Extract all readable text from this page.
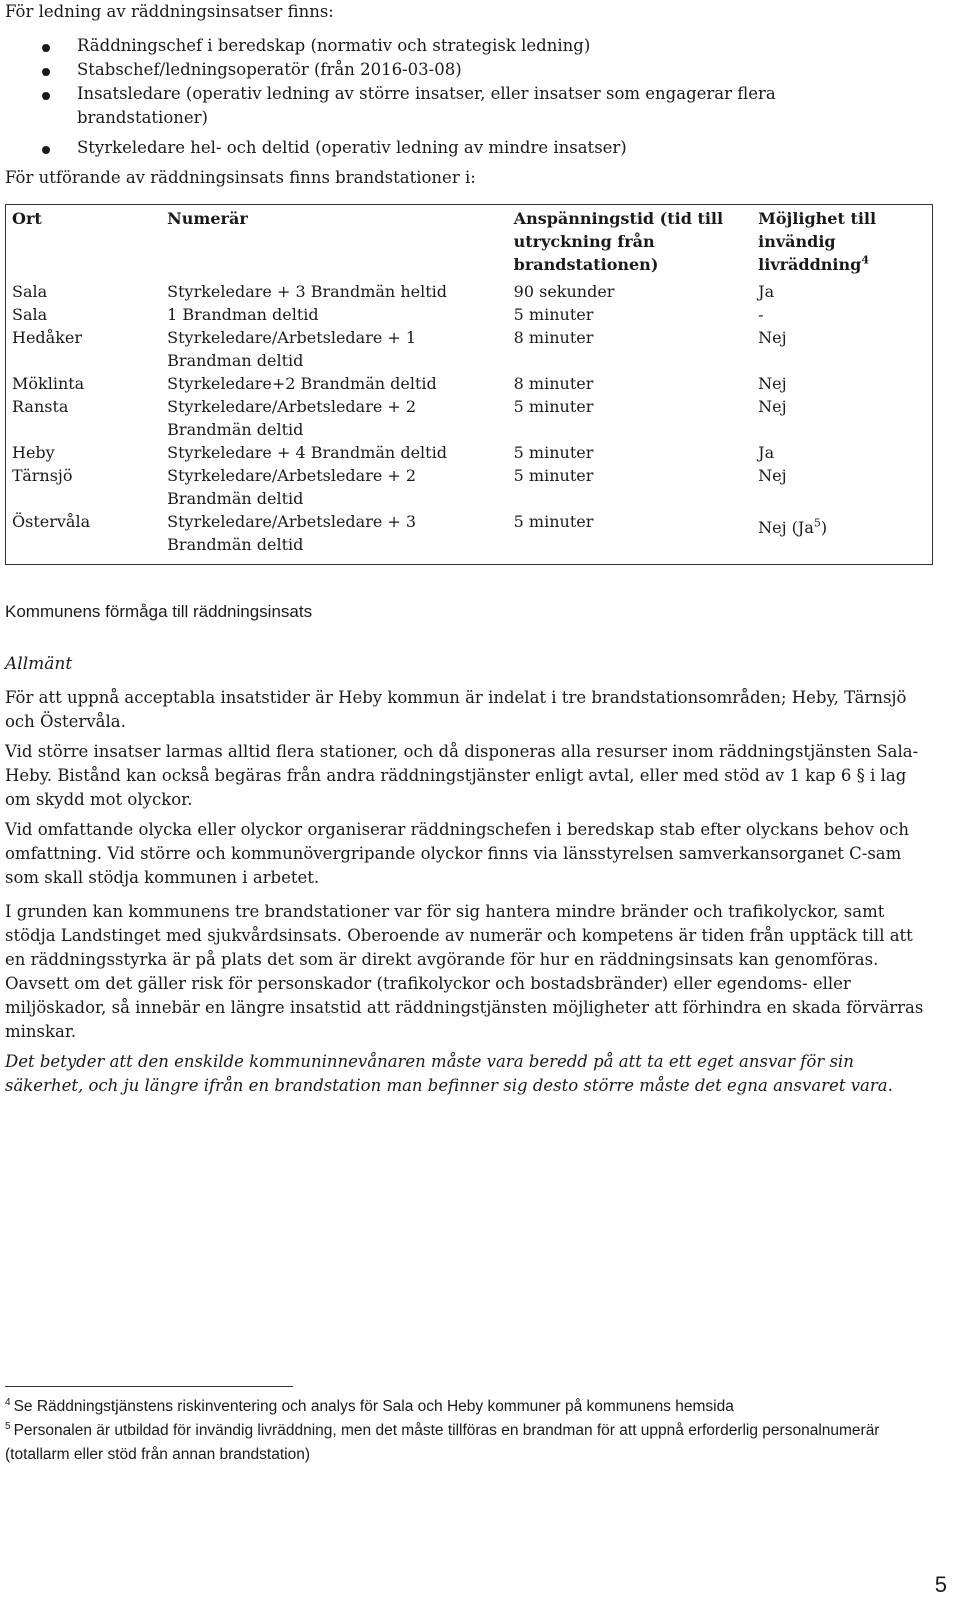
För ledning av räddningsinsatser finns:

Räddningschef i beredskap (normativ och strategisk ledning)
Stabschef/ledningsoperatör (från 2016-03-08)
Insatsledare (operativ ledning av större insatser, eller insatser som engagerar flera brandstationer)
Styrkeledare hel- och deltid (operativ ledning av mindre insatser)

För utförande av räddningsinsats finns brandstationer i:

Ort	Numerär	Anspänningstid (tid till utryckning från brandstationen)	Möjlighet till invändig livräddning$^4$
Sala	Styrkeledare + 3 Brandmän heltid	90 sekunder	Ja
Sala	1 Brandman deltid	5 minuter	-
Hedåker	Styrkeledare/Arbetsledare + 1 Brandman deltid	8 minuter	Nej
Möklinta	Styrkeledare+2 Brandmän deltid	8 minuter	Nej
Ransta	Styrkeledare/Arbetsledare + 2 Brandmän deltid	5 minuter	Nej
Heby	Styrkeledare + 4 Brandmän deltid	5 minuter	Ja
Tärnsjö	Styrkeledare/Arbetsledare + 2 Brandmän deltid	5 minuter	Nej
Östervåla	Styrkeledare/Arbetsledare + 3 Brandmän deltid	5 minuter	Nej (Ja$^5$)
Kommunens förmåga till räddningsinsats
Allmänt

För att uppnå acceptabla insatstider är Heby kommun är indelat i tre brandstationsområden; Heby, Tärnsjö och Östervåla.

Vid större insatser larmas alltid flera stationer, och då disponeras alla resurser inom räddningstjänsten Sala-Heby. Bistånd kan också begäras från andra räddningstjänster enligt avtal, eller med stöd av 1 kap 6 § i lag om skydd mot olyckor.

Vid omfattande olycka eller olyckor organiserar räddningschefen i beredskap stab efter olyckans behov och omfattning. Vid större och kommunövergripande olyckor finns via länsstyrelsen samverkansorganet C-sam som skall stödja kommunen i arbetet.

I grunden kan kommunens tre brandstationer var för sig hantera mindre bränder och trafikolyckor, samt stödja Landstinget med sjukvårdsinsats. Oberoende av numerär och kompetens är tiden från upptäck till att en räddningsstyrka är på plats det som är direkt avgörande för hur en räddningsinsats kan genomföras. Oavsett om det gäller risk för personskador (trafikolyckor och bostadsbränder) eller egendoms- eller miljöskador, så innebär en längre insatstid att räddningstjänsten möjligheter att förhindra en skada förvärras minskar.

Det betyder att den enskilde kommuninnevånaren måste vara beredd på att ta ett eget ansvar för sin säkerhet, och ju längre ifrån en brandstation man befinner sig desto större måste det egna ansvaret vara.

$^4$ Se Räddningstjänstens riskinventering och analys för Sala och Heby kommuner på kommunens hemsida
$^5$ Personalen är utbildad för invändig livräddning, men det måste tillföras en brandman för att uppnå erforderlig personalnumerär (totallarm eller stöd från annan brandstation)
5
